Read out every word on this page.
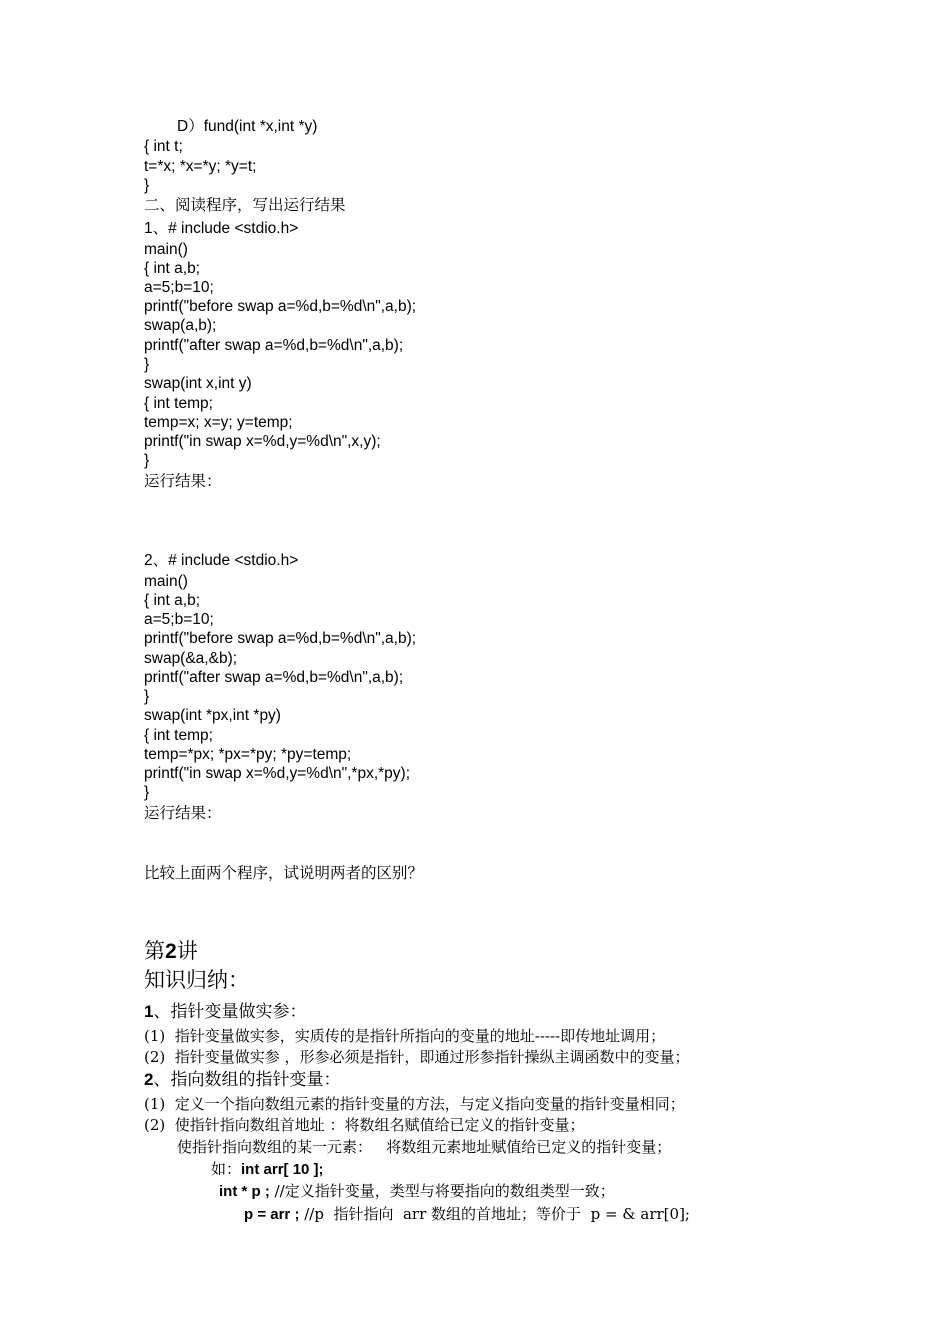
D）fund(int *x,int *y)
{ int t;
t=*x; *x=*y; *y=t;
}
二、阅读程序，写出运行结果
1、# include <stdio.h>
main()
{ int a,b;
a=5;b=10;
printf("before swap a=%d,b=%d\n",a,b);
swap(a,b);
printf("after swap a=%d,b=%d\n",a,b);
}
swap(int x,int y)
{ int temp;
temp=x; x=y; y=temp;
printf("in swap x=%d,y=%d\n",x,y);
}
运行结果：
2、# include <stdio.h>
main()
{ int a,b;
a=5;b=10;
printf("before swap a=%d,b=%d\n",a,b);
swap(&a,&b);
printf("after swap a=%d,b=%d\n",a,b);
}
swap(int *px,int *py)
{ int temp;
temp=*px; *px=*py; *py=temp;
printf("in swap x=%d,y=%d\n",*px,*py);
}
运行结果：
比较上面两个程序，试说明两者的区别？
第2讲
知识归纳：
1、指针变量做实参：
(1)  指针变量做实参，实质传的是指针所指向的变量的地址-----即传地址调用；
(2)  指针变量做实参 ，形参必须是指针，即通过形参指针操纵主调函数中的变量；
2、指向数组的指针变量：
(1)  定义一个指向数组元素的指针变量的方法，与定义指向变量的指针变量相同；
(2)  使指针指向数组首地址 ：将数组名赋值给已定义的指针变量；
使指针指向数组的某一元素：   将数组元素地址赋值给已定义的指针变量；
如：int arr[ 10 ];
int * p ; //定义指针变量，类型与将要指向的数组类型一致；
p = arr ; //p  指针指向  arr 数组的首地址；等价于  p = & arr[0];
